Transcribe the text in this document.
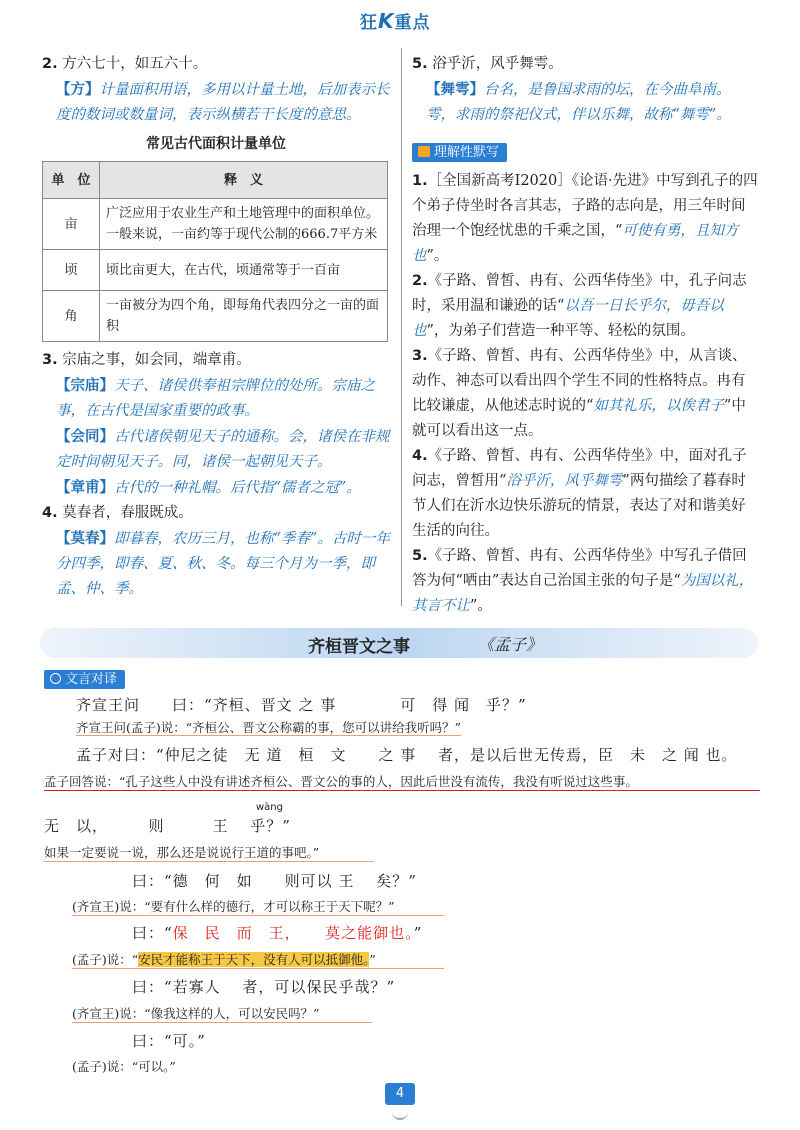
狂K重点
2. 方六七十，如五六十。
【方】计量面积用语，多用以计量土地，后加表示长度的数词或数量词，表示纵横若干长度的意思。
常见古代面积计量单位
单　位	释　义
亩	广泛应用于农业生产和土地管理中的面积单位。一般来说，一亩约等于现代公制的666.7平方米
顷	顷比亩更大，在古代，顷通常等于一百亩
角	一亩被分为四个角，即每角代表四分之一亩的面积
3. 宗庙之事，如会同，端章甫。
【宗庙】天子、诸侯供奉祖宗牌位的处所。宗庙之事，在古代是国家重要的政事。
【会同】古代诸侯朝见天子的通称。会，诸侯在非规定时间朝见天子。同，诸侯一起朝见天子。
【章甫】古代的一种礼帽。后代指“儒者之冠”。
4. 莫春者，春服既成。
【莫春】即暮春，农历三月，也称“季春”。古时一年分四季，即春、夏、秋、冬。每三个月为一季，即孟、仲、季。
5. 浴乎沂，风乎舞雩。
【舞雩】台名，是鲁国求雨的坛，在今曲阜南。雩，求雨的祭祀仪式，伴以乐舞，故称“舞雩”。
理解性默写
1.［全国新高考Ⅰ2020］《论语·先进》中写到孔子的四个弟子侍坐时各言其志，子路的志向是，用三年时间治理一个饱经忧患的千乘之国，“可使有勇，且知方也”。
2.《子路、曾皙、冉有、公西华侍坐》中，孔子问志时，采用温和谦逊的话“以吾一日长乎尔，毋吾以也”，为弟子们营造一种平等、轻松的氛围。
3.《子路、曾皙、冉有、公西华侍坐》中，从言谈、动作、神态可以看出四个学生不同的性格特点。冉有比较谦虚，从他述志时说的“如其礼乐，以俟君子”中就可以看出这一点。
4.《子路、曾皙、冉有、公西华侍坐》中，面对孔子问志，曾皙用“浴乎沂，风乎舞雩”两句描绘了暮春时节人们在沂水边快乐游玩的情景，表达了对和谐美好生活的向往。
5.《子路、曾皙、冉有、公西华侍坐》中写孔子借回答为何“哂由”表达自己治国主张的句子是“为国以礼，其言不让”。
齐桓晋文之事	《孟子》
文言对译
齐宣王问　　曰：“齐桓、晋文 之 事　　　　可　得 闻　乎？”
齐宣王问(孟子)说：“齐桓公、晋文公称霸的事，您可以讲给我听吗？”
孟子对曰：“仲尼之徒　无 道　桓　文　　之 事　 者，是以后世无传焉，臣　未　之 闻 也。
孟子回答说：“孔子这些人中没有讲述齐桓公、晋文公的事的人，因此后世没有流传，我没有听说过这些事。
wàng
无　以，　　　则　　　王　 乎？”
如果一定要说一说，那么还是说说行王道的事吧。”
曰：“德　何　如　　则可以 王　 矣？”
(齐宣王)说：“要有什么样的德行，才可以称王于天下呢？”
曰：“保　民　而　王，　　莫之能御也。”
(孟子)说：“安民才能称王于天下，没有人可以抵御他。”
曰：“若寡人　 者，可以保民乎哉？”
(齐宣王)说：“像我这样的人，可以安民吗？”
曰：“可。”
(孟子)说：“可以。”
4
